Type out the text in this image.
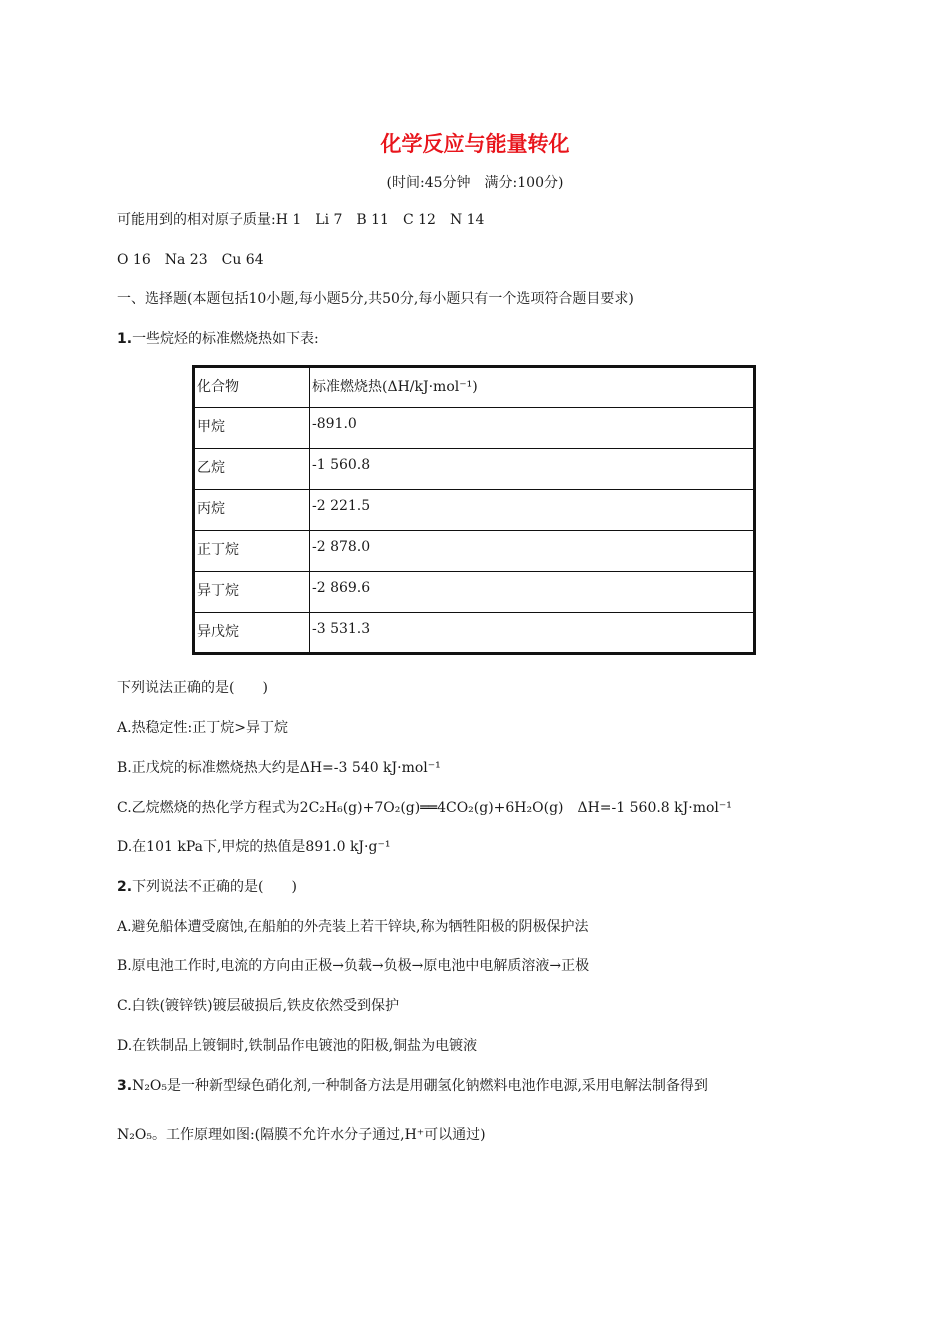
化学反应与能量转化
(时间:45分钟　满分:100分)
可能用到的相对原子质量:H 1　Li 7　B 11　C 12　N 14
O 16　Na 23　Cu 64
一、选择题(本题包括10小题,每小题5分,共50分,每小题只有一个选项符合题目要求)
1.一些烷烃的标准燃烧热如下表:
化合物	标准燃烧热(ΔH/kJ·mol⁻¹)
甲烷	-891.0
乙烷	-1 560.8
丙烷	-2 221.5
正丁烷	-2 878.0
异丁烷	-2 869.6
异戊烷	-3 531.3
下列说法正确的是(　　)
A.热稳定性:正丁烷>异丁烷
B.正戊烷的标准燃烧热大约是ΔH=-3 540 kJ·mol⁻¹
C.乙烷燃烧的热化学方程式为2C₂H₆(g)+7O₂(g)══4CO₂(g)+6H₂O(g)　ΔH=-1 560.8 kJ·mol⁻¹
D.在101 kPa下,甲烷的热值是891.0 kJ·g⁻¹
2.下列说法不正确的是(　　)
A.避免船体遭受腐蚀,在船舶的外壳装上若干锌块,称为牺牲阳极的阴极保护法
B.原电池工作时,电流的方向由正极→负载→负极→原电池中电解质溶液→正极
C.白铁(镀锌铁)镀层破损后,铁皮依然受到保护
D.在铁制品上镀铜时,铁制品作电镀池的阳极,铜盐为电镀液
3.N₂O₅是一种新型绿色硝化剂,一种制备方法是用硼氢化钠燃料电池作电源,采用电解法制备得到
N₂O₅。工作原理如图:(隔膜不允许水分子通过,H⁺可以通过)
